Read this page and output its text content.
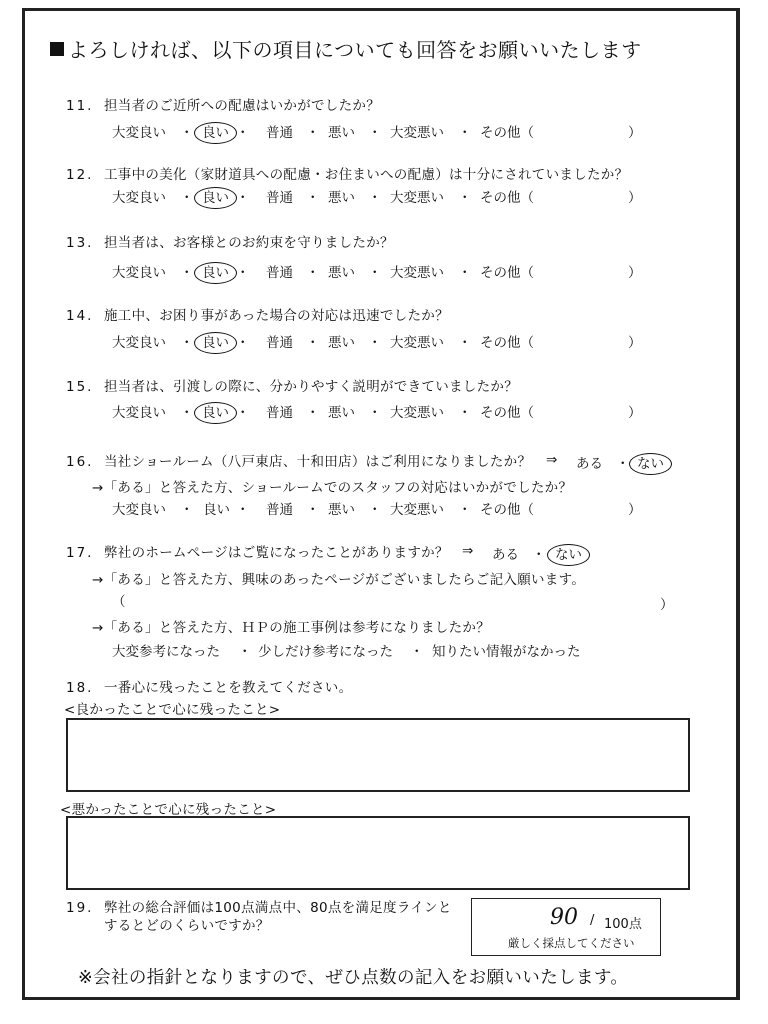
よろしければ、以下の項目についても回答をお願いいたします
11. 担当者のご近所への配慮はいかがでしたか？
大変良い ・ 良い ・ 普通 ・ 悪い ・ 大変悪い ・ その他（	）
12. 工事中の美化（家財道具への配慮・お住まいへの配慮）は十分にされていましたか？
大変良い ・ 良い ・ 普通 ・ 悪い ・ 大変悪い ・ その他（	）
13. 担当者は、お客様とのお約束を守りましたか？
大変良い ・ 良い ・ 普通 ・ 悪い ・ 大変悪い ・ その他（	）
14. 施工中、お困り事があった場合の対応は迅速でしたか？
大変良い ・ 良い ・ 普通 ・ 悪い ・ 大変悪い ・ その他（	）
15. 担当者は、引渡しの際に、分かりやすく説明ができていましたか？
大変良い ・ 良い ・ 普通 ・ 悪い ・ 大変悪い ・ その他（	）
16. 当社ショールーム（八戸東店、十和田店）はご利用になりましたか？ ⇒ ある ・ ない
→「ある」と答えた方、ショールームでのスタッフの対応はいかがでしたか？
大変良い ・ 良い ・ 普通 ・ 悪い ・ 大変悪い ・ その他（	）
17. 弊社のホームページはご覧になったことがありますか？ ⇒ ある ・ ない
→「ある」と答えた方、興味のあったページがございましたらご記入願います。
（	）
→「ある」と答えた方、ＨＰの施工事例は参考になりましたか？
大変参考になった ・ 少しだけ参考になった ・ 知りたい情報がなかった
18. 一番心に残ったことを教えてください。
<良かったことで心に残ったこと>
<悪かったことで心に残ったこと>
19. 弊社の総合評価は100点満点中、80点を満足度ラインと
するとどのくらいですか？	90 / 100点
厳しく採点してください
※会社の指針となりますので、ぜひ点数の記入をお願いいたします。
